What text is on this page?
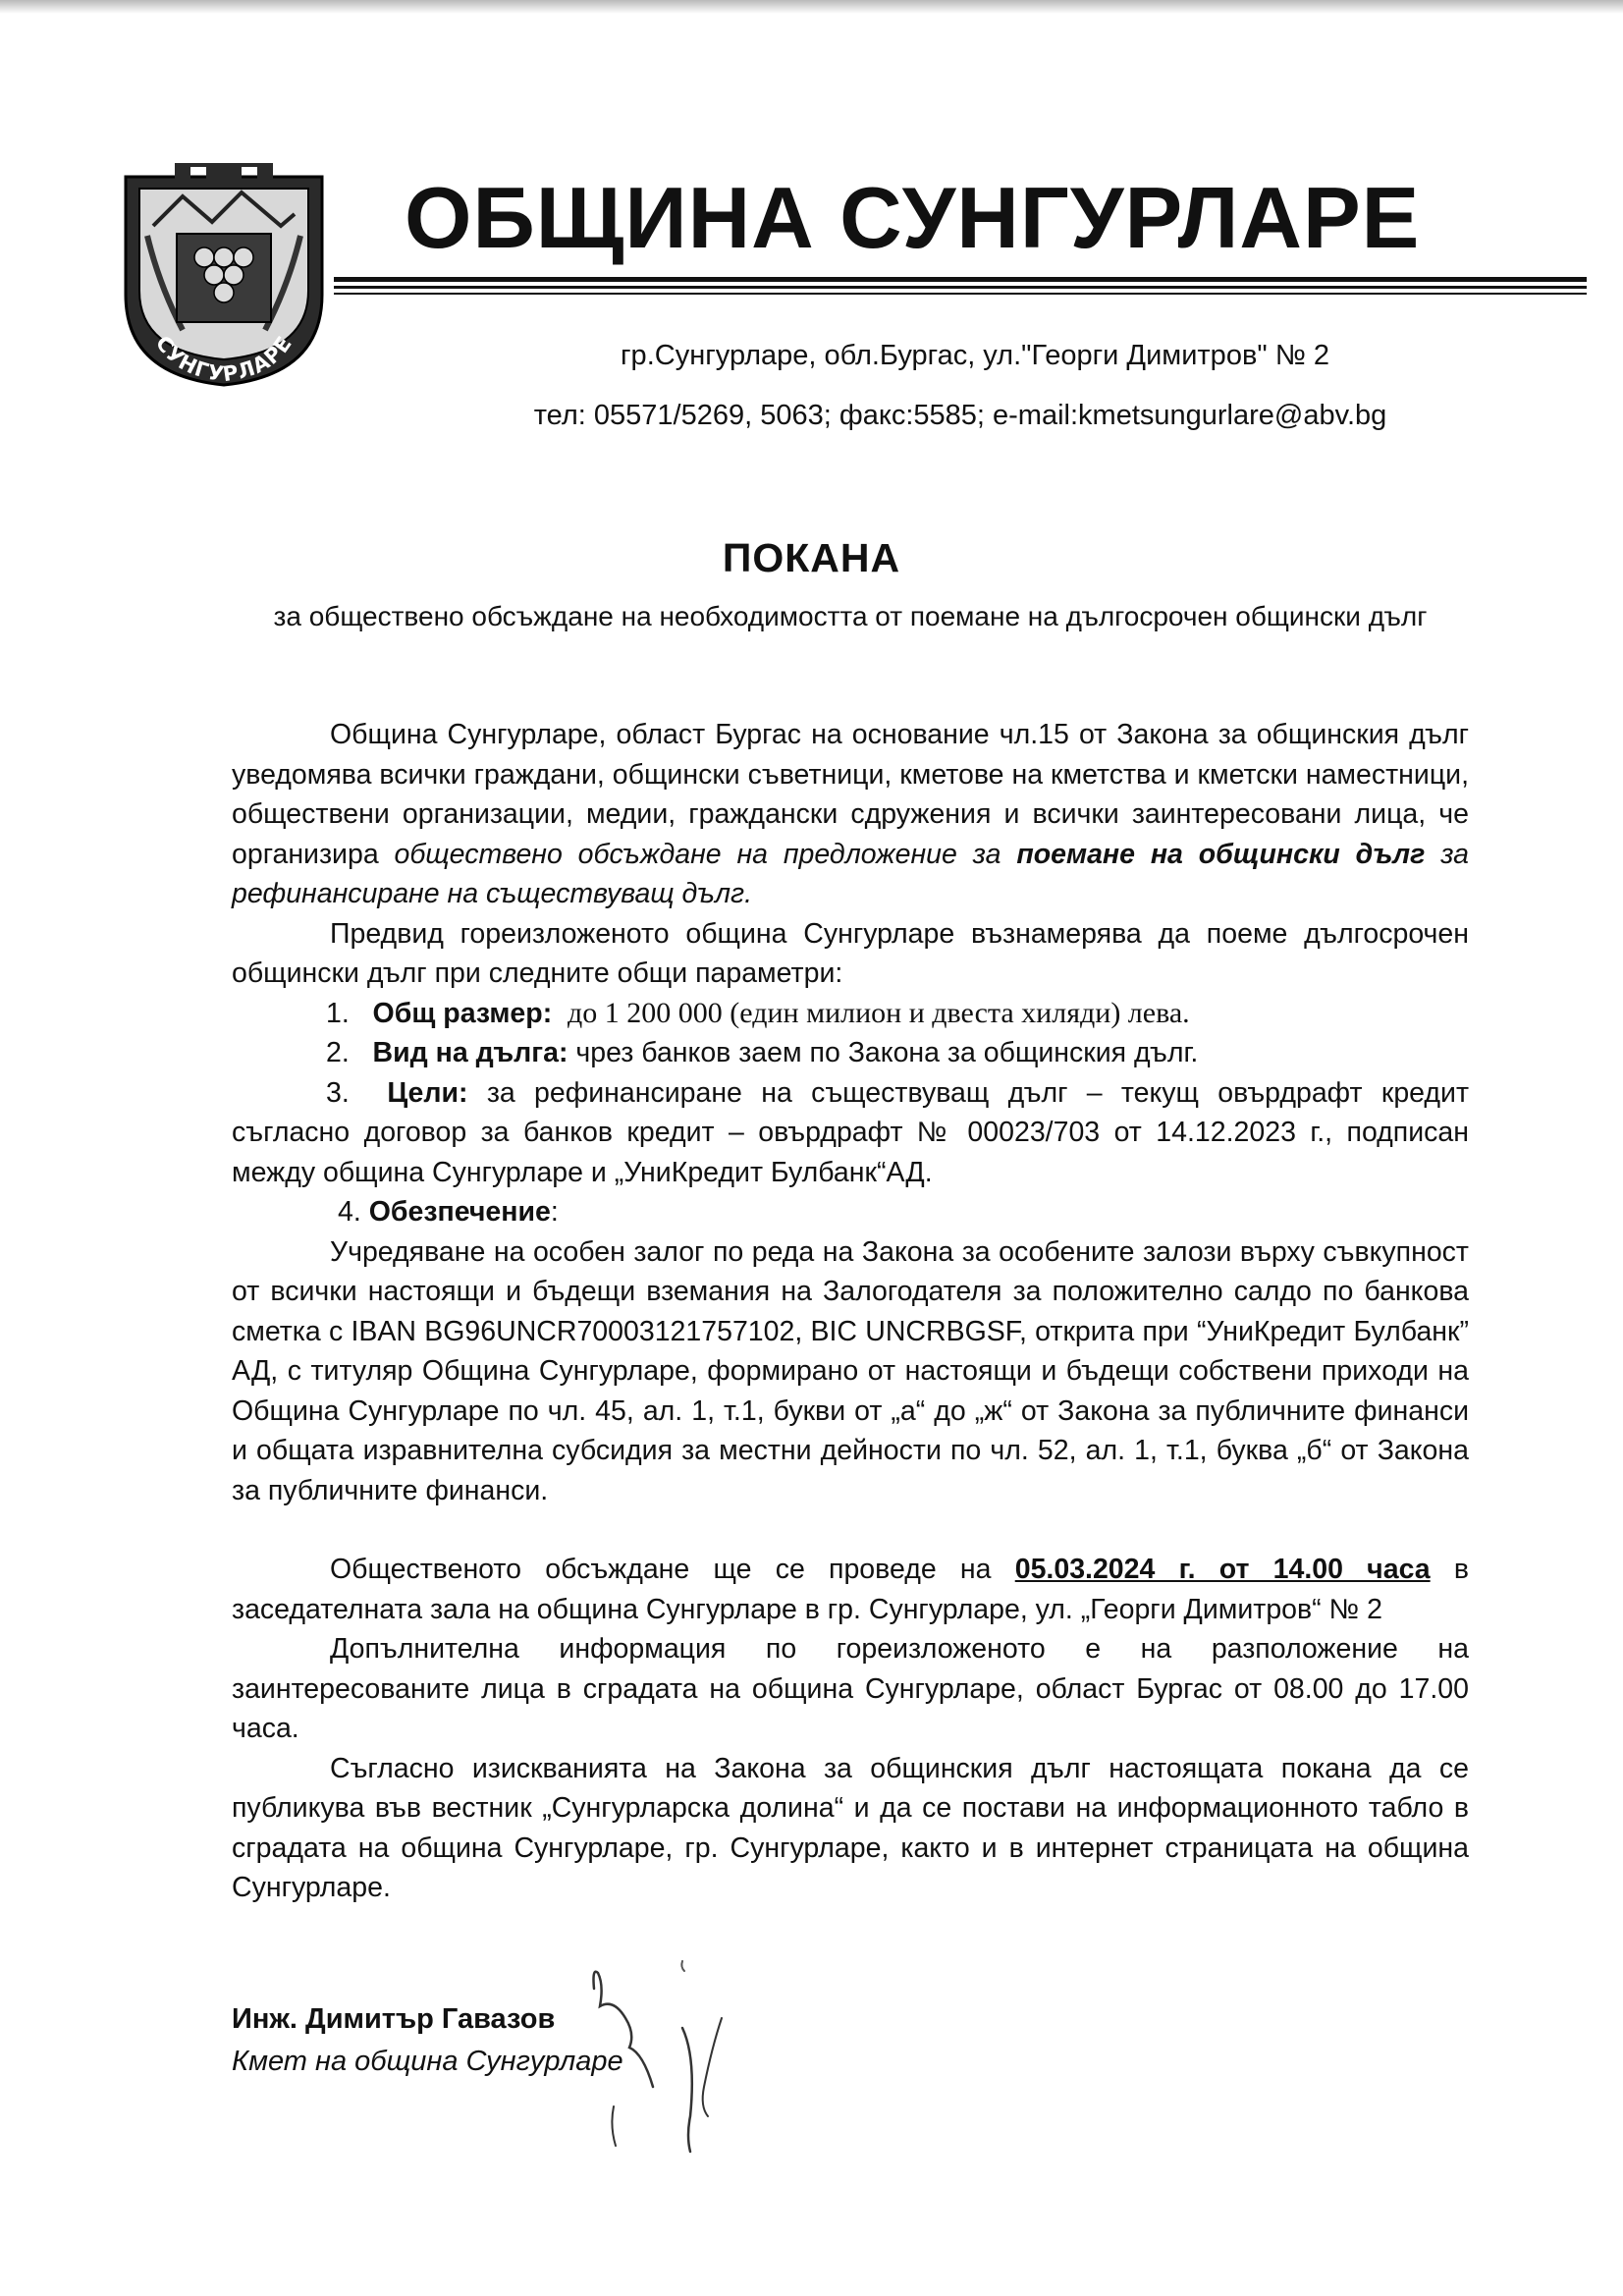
СУНГУРЛАРЕ
ОБЩИНА СУНГУРЛАРЕ
гр.Сунгурларе, обл.Бургас, ул."Георги Димитров" № 2
тел: 05571/5269, 5063; факс:5585; e-mail:kmetsungurlare@abv.bg
ПОКАНА
за обществено обсъждане на необходимостта от поемане на дългосрочен общински дълг

Община Сунгурларе, област Бургас на основание чл.15 от Закона за общинския дълг уведомява всички граждани, общински съветници, кметове на кметства и кметски наместници, обществени организации, медии, граждански сдружения и всички заинтересовани лица, че организира обществено обсъждане на предложение за поемане на общински дълг за рефинансиране на съществуващ дълг.

Предвид гореизложеното община Сунгурларе възнамерява да поеме дългосрочен общински дълг при следните общи параметри:

1. Общ размер: до 1 200 000 (един милион и двеста хиляди) лева.

2. Вид на дълга: чрез банков заем по Закона за общинския дълг.

3. Цели: за рефинансиране на съществуващ дълг – текущ овърдрафт кредит съгласно договор за банков кредит – овърдрафт № 00023/703 от 14.12.2023 г., подписан между община Сунгурларе и „УниКредит Булбанк“АД.

4. Обезпечение:

Учредяване на особен залог по реда на Закона за особените залози върху съвкупност от всички настоящи и бъдещи вземания на Залогодателя за положително салдо по банкова сметка с IBAN BG96UNCR70003121757102, BIC UNCRBGSF, открита при “УниКредит Булбанк” АД, с титуляр Община Сунгурларе, формирано от настоящи и бъдещи собствени приходи на Община Сунгурларе по чл. 45, ал. 1, т.1, букви от „а“ до „ж“ от Закона за публичните финанси и общата изравнителна субсидия за местни дейности по чл. 52, ал. 1, т.1, буква „б“ от Закона за публичните финанси.

Общественото обсъждане ще се проведе на 05.03.2024 г. от 14.00 часа в заседателната зала на община Сунгурларе в гр. Сунгурларе, ул. „Георги Димитров“ № 2

Допълнителна информация по гореизложеното е на разположение на заинтересованите лица в сградата на община Сунгурларе, област Бургас от 08.00 до 17.00 часа.

Съгласно изискванията на Закона за общинския дълг настоящата покана да се публикува във вестник „Сунгурларска долина“ и да се постави на информационното табло в сградата на община Сунгурларе, гр. Сунгурларе, както и в интернет страницата на община Сунгурларе.

Инж. Димитър Гавазов
Кмет на община Сунгурларе
